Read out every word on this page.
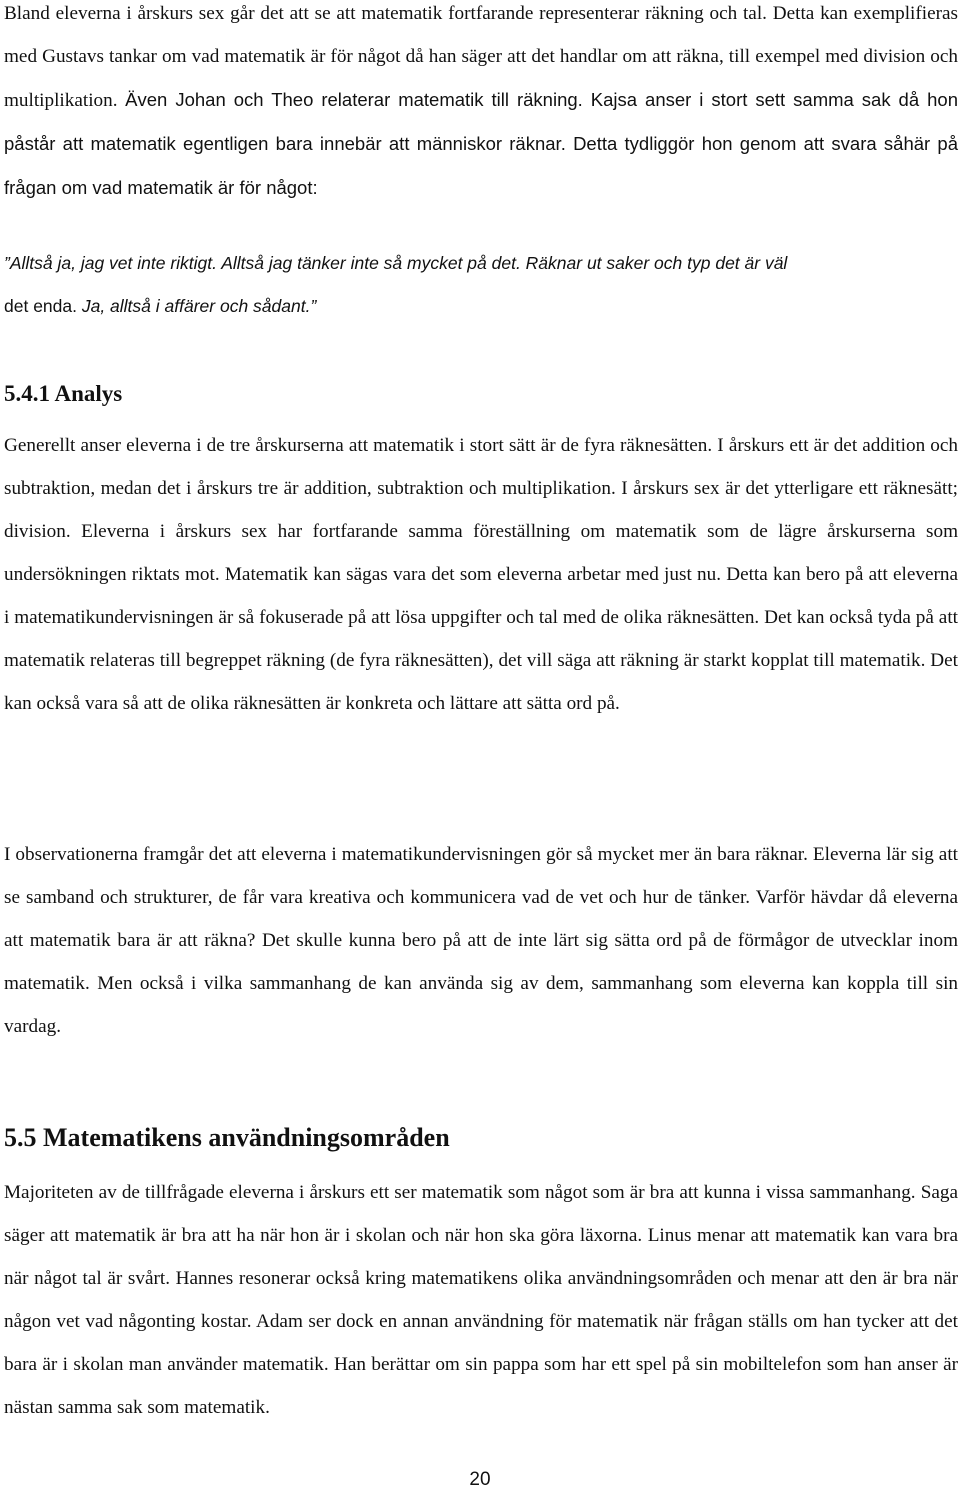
Bland eleverna i årskurs sex går det att se att matematik fortfarande representerar räkning och tal. Detta kan exemplifieras med Gustavs tankar om vad matematik är för något då han säger att det handlar om att räkna, till exempel med division och multiplikation. Även Johan och Theo relaterar matematik till räkning. Kajsa anser i stort sett samma sak då hon påstår att matematik egentligen bara innebär att människor räknar. Detta tydliggör hon genom att svara såhär på frågan om vad matematik är för något:

”Alltså ja, jag vet inte riktigt. Alltså jag tänker inte så mycket på det. Räknar ut saker och typ det är väl
det enda. Ja, alltså i affärer och sådant.”

5.4.1 Analys

Generellt anser eleverna i de tre årskurserna att matematik i stort sätt är de fyra räknesätten. I årskurs ett är det addition och subtraktion, medan det i årskurs tre är addition, subtraktion och multiplikation. I årskurs sex är det ytterligare ett räknesätt; division. Eleverna i årskurs sex har fortfarande samma föreställning om matematik som de lägre årskurserna som undersökningen riktats mot. Matematik kan sägas vara det som eleverna arbetar med just nu. Detta kan bero på att eleverna i matematikundervisningen är så fokuserade på att lösa uppgifter och tal med de olika räknesätten. Det kan också tyda på att matematik relateras till begreppet räkning (de fyra räknesätten), det vill säga att räkning är starkt kopplat till matematik. Det kan också vara så att de olika räknesätten är konkreta och lättare att sätta ord på.

I observationerna framgår det att eleverna i matematikundervisningen gör så mycket mer än bara räknar. Eleverna lär sig att se samband och strukturer, de får vara kreativa och kommunicera vad de vet och hur de tänker. Varför hävdar då eleverna att matematik bara är att räkna? Det skulle kunna bero på att de inte lärt sig sätta ord på de förmågor de utvecklar inom matematik. Men också i vilka sammanhang de kan använda sig av dem, sammanhang som eleverna kan koppla till sin vardag.

5.5 Matematikens användningsområden

Majoriteten av de tillfrågade eleverna i årskurs ett ser matematik som något som är bra att kunna i vissa sammanhang. Saga säger att matematik är bra att ha när hon är i skolan och när hon ska göra läxorna. Linus menar att matematik kan vara bra när något tal är svårt. Hannes resonerar också kring matematikens olika användningsområden och menar att den är bra när någon vet vad någonting kostar. Adam ser dock en annan användning för matematik när frågan ställs om han tycker att det bara är i skolan man använder matematik. Han berättar om sin pappa som har ett spel på sin mobiltelefon som han anser är nästan samma sak som matematik.

20
